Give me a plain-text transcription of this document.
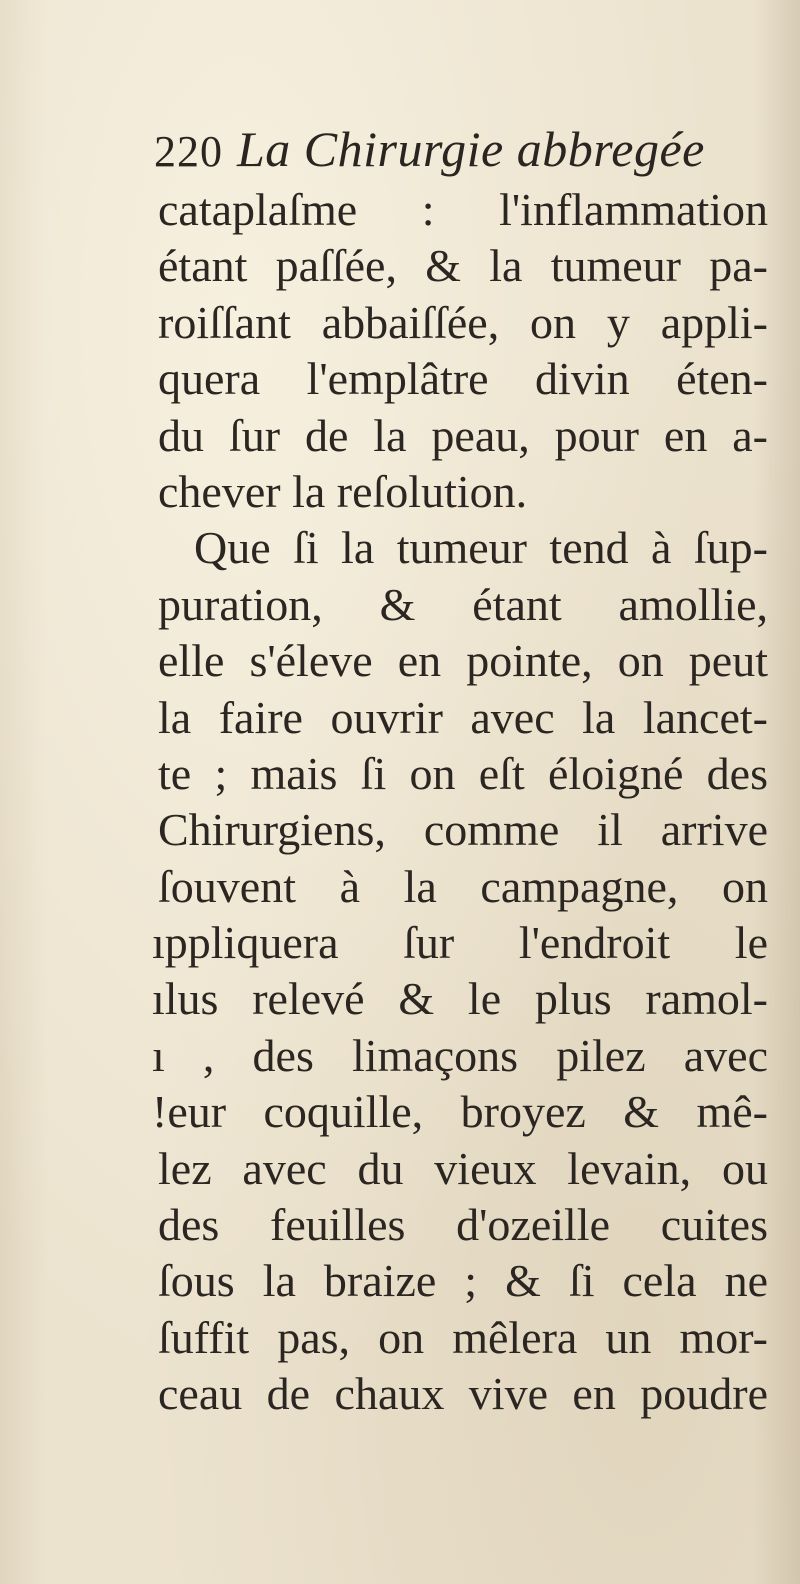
220 La Chirurgie abbregée
cataplaſme : l'inflammation
étant paſſée, & la tumeur pa-
roiſſant abbaiſſée, on y appli-
quera l'emplâtre divin éten-
du ſur de la peau, pour en a-
chever la reſolution.
Que ſi la tumeur tend à ſup-
puration, & étant amollie,
elle s'éleve en pointe, on peut
la faire ouvrir avec la lancet-
te ; mais ſi on eſt éloigné des
Chirurgiens, comme il arrive
ſouvent à la campagne, on
ıppliquera ſur l'endroit le
ılus relevé & le plus ramol-
ı , des limaçons pilez avec
!eur coquille, broyez & mê-
lez avec du vieux levain, ou
des feuilles d'ozeille cuites
ſous la braize ; & ſi cela ne
ſuffit pas, on mêlera un mor-
ceau de chaux vive en poudre
